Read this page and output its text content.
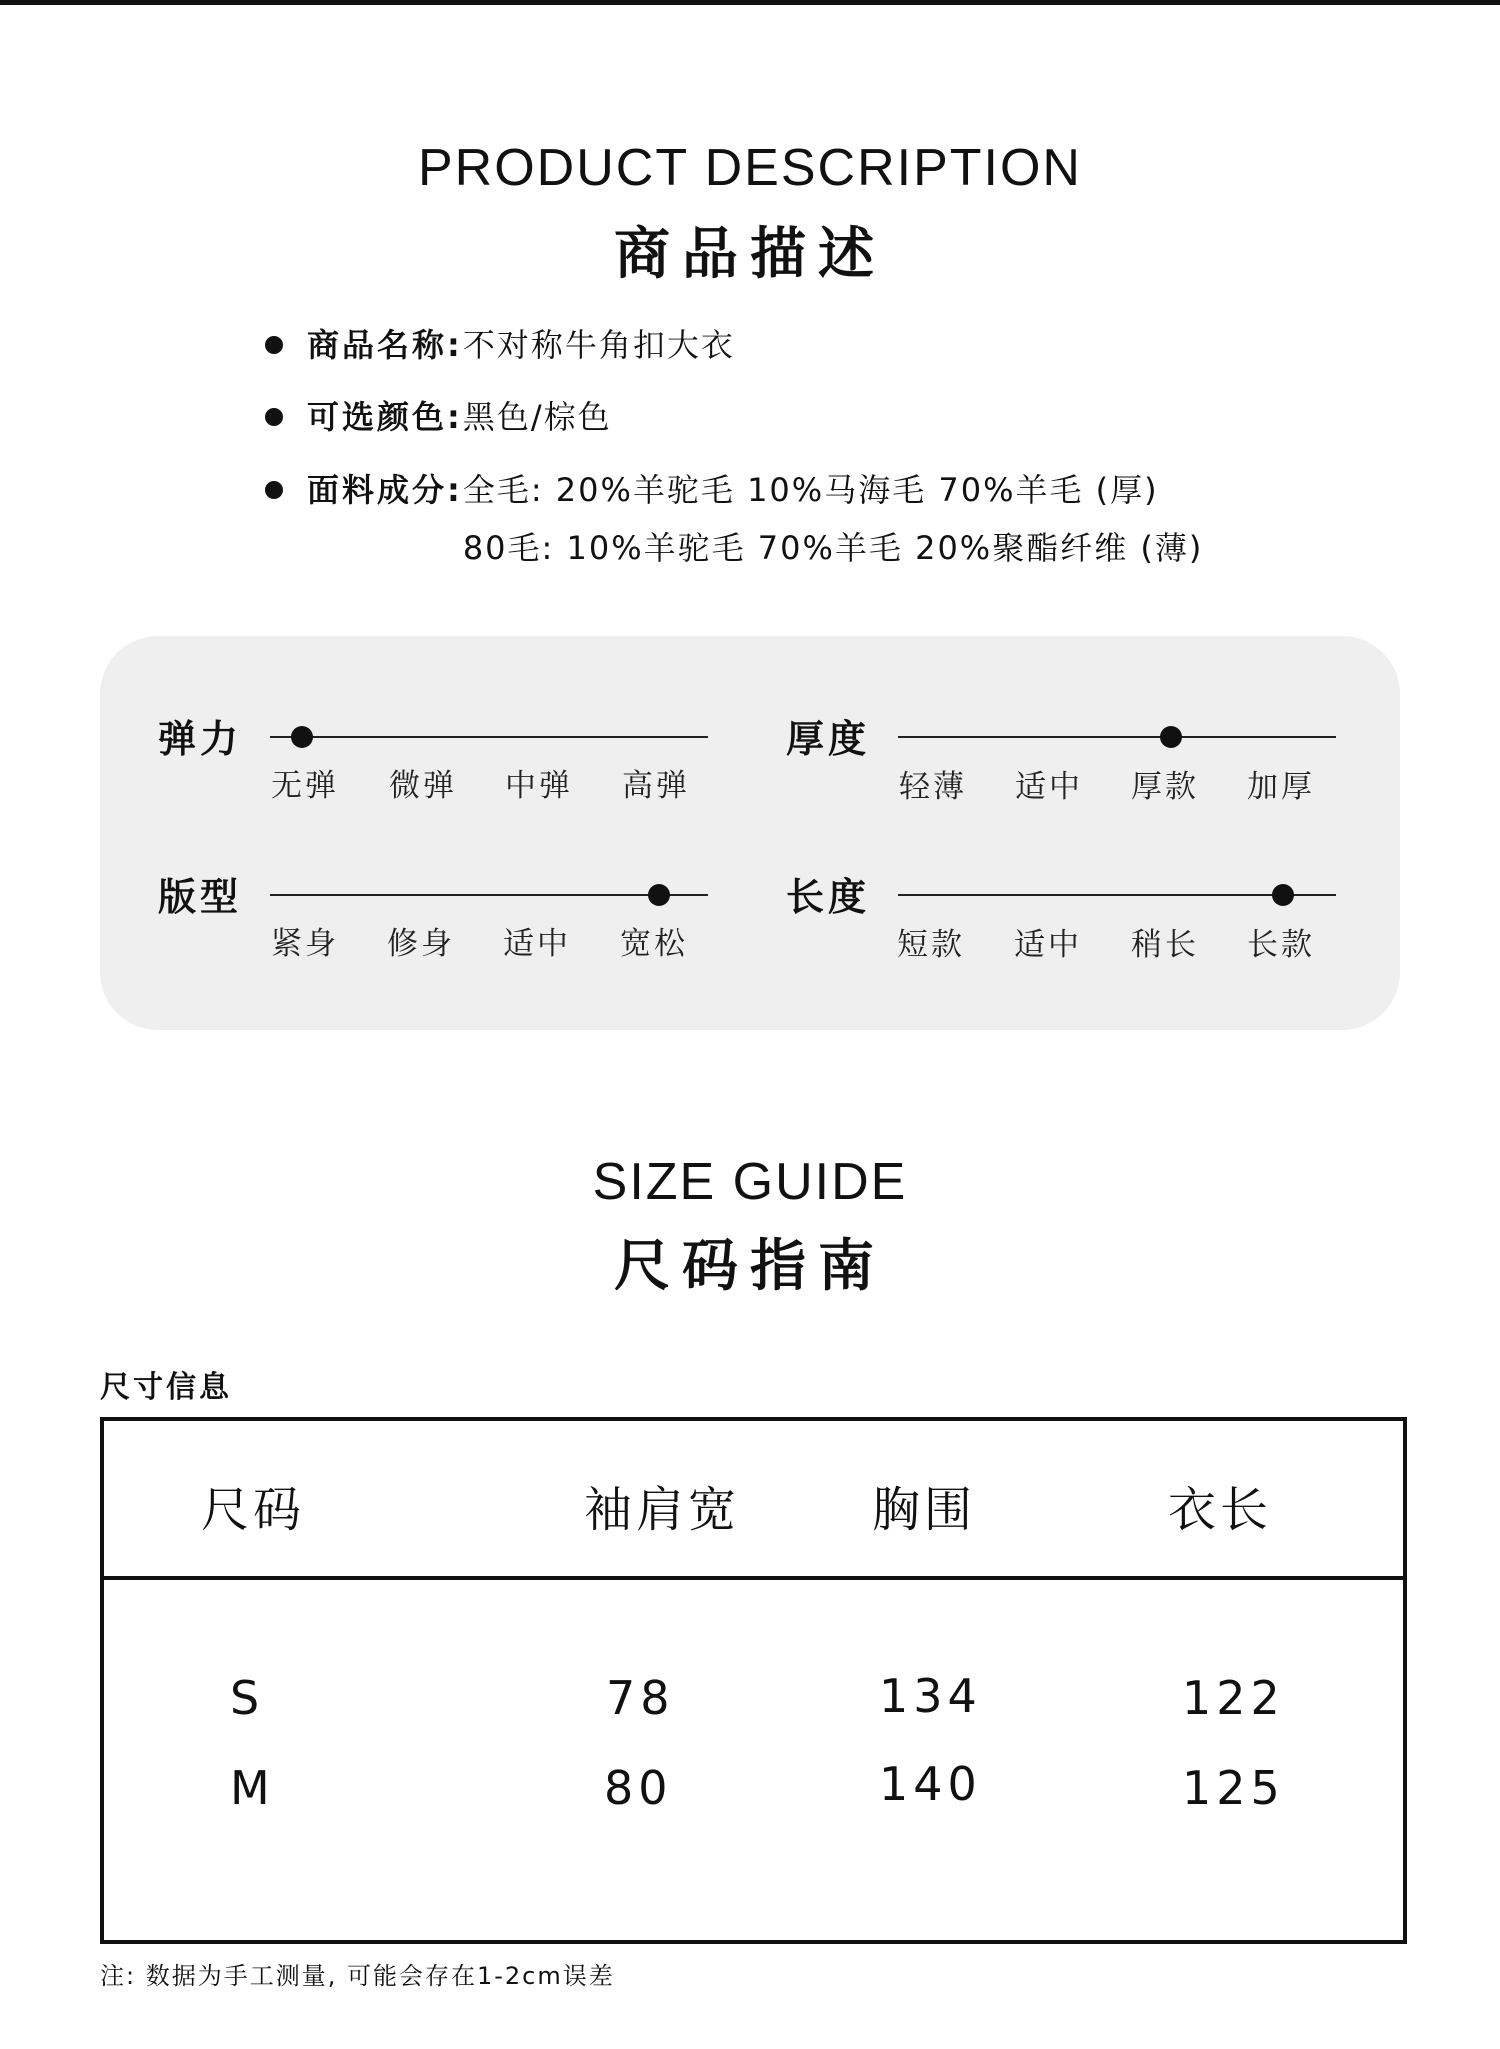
PRODUCT DESCRIPTION
商品描述
商品名称: 不对称牛角扣大衣
可选颜色: 黑色/棕色
面料成分: 全毛: 20%羊驼毛 10%马海毛 70%羊毛 (厚)
80毛: 10%羊驼毛 70%羊毛 20%聚酯纤维 (薄)
弹力
无弹 微弹 中弹 高弹
厚度
轻薄 适中 厚款 加厚
版型
紧身 修身 适中 宽松
长度
短款 适中 稍长 长款
SIZE GUIDE
尺码指南
尺寸信息
尺码	袖肩宽	胸围	衣长
S	78	134	122
M	80	140	125
注: 数据为手工测量, 可能会存在1-2cm误差
